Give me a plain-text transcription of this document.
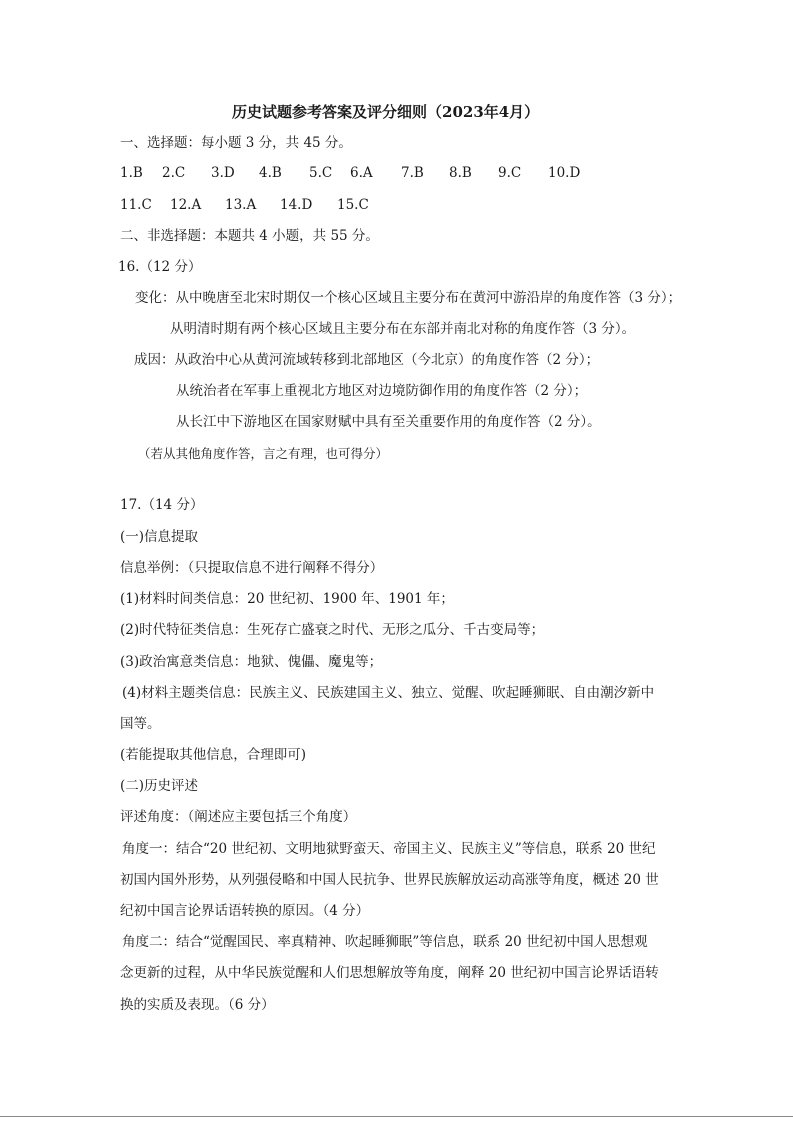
历史试题参考答案及评分细则（2023年4月）
一、选择题：每小题 3 分，共 45 分。
1.B 2.C 3.D 4.B 5.C 6.A 7.B 8.B 9.C 10.D
11.C 12.A 13.A 14.D 15.C
二、非选择题：本题共 4 小题，共 55 分。
16.（12 分）
变化：从中晚唐至北宋时期仅一个核心区域且主要分布在黄河中游沿岸的角度作答（3 分）；
从明清时期有两个核心区域且主要分布在东部并南北对称的角度作答（3 分）。
成因：从政治中心从黄河流域转移到北部地区（今北京）的角度作答（2 分）；
从统治者在军事上重视北方地区对边境防御作用的角度作答（2 分）；
从长江中下游地区在国家财赋中具有至关重要作用的角度作答（2 分）。
（若从其他角度作答，言之有理，也可得分）
17.（14 分）
(一)信息提取
信息举例：（只提取信息不进行阐释不得分）
(1)材料时间类信息：20 世纪初、1900 年、1901 年；
(2)时代特征类信息：生死存亡盛衰之时代、无形之瓜分、千古变局等；
(3)政治寓意类信息：地狱、傀儡、魔鬼等；
(4)材料主题类信息：民族主义、民族建国主义、独立、觉醒、吹起睡狮眠、自由潮汐新中
国等。
(若能提取其他信息，合理即可)
(二)历史评述
评述角度：（阐述应主要包括三个角度）
角度一：结合“20 世纪初、文明地狱野蛮天、帝国主义、民族主义”等信息，联系 20 世纪
初国内国外形势，从列强侵略和中国人民抗争、世界民族解放运动高涨等角度，概述 20 世
纪初中国言论界话语转换的原因。（4 分）
角度二：结合“觉醒国民、率真精神、吹起睡狮眠”等信息，联系 20 世纪初中国人思想观
念更新的过程，从中华民族觉醒和人们思想解放等角度，阐释 20 世纪初中国言论界话语转
换的实质及表现。（6 分）
